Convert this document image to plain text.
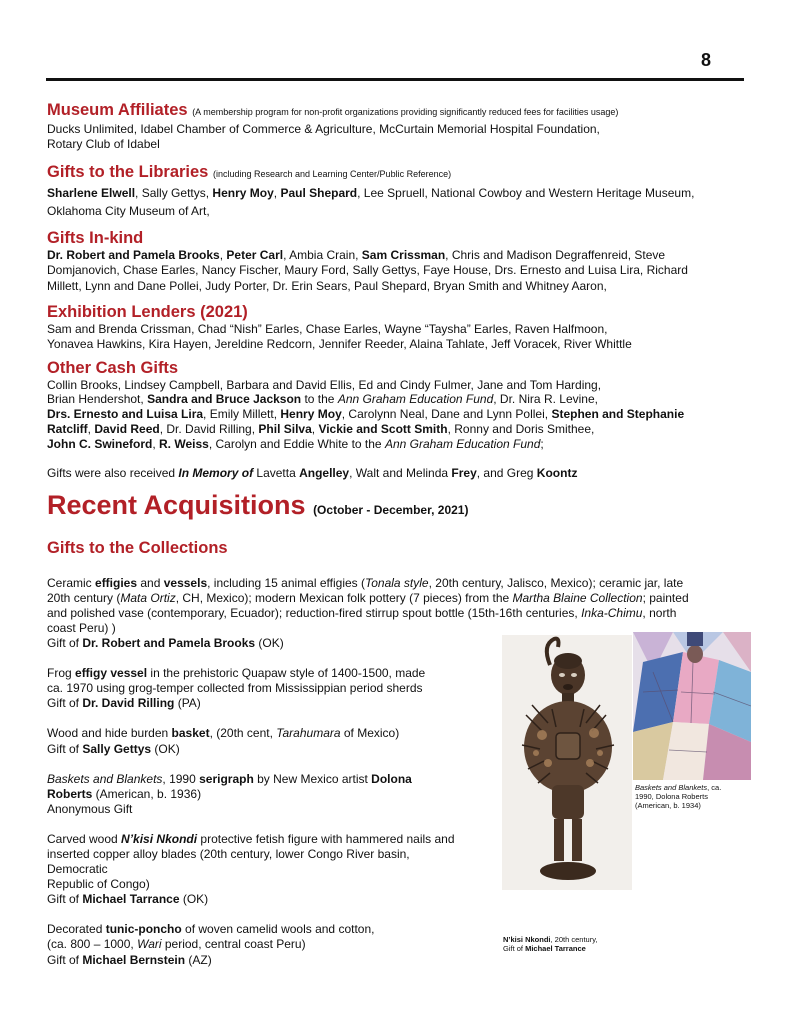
8
Museum Affiliates (A membership program for non-profit organizations providing significantly reduced fees for facilities usage)
Ducks Unlimited, Idabel Chamber of Commerce & Agriculture, McCurtain Memorial Hospital Foundation,
Rotary Club of Idabel
Gifts to the Libraries (including Research and Learning Center/Public Reference)
Sharlene Elwell, Sally Gettys, Henry Moy, Paul Shepard, Lee Spruell, National Cowboy and Western Heritage Museum,
Oklahoma City Museum of Art,
Gifts In-kind
Dr. Robert and Pamela Brooks, Peter Carl, Ambia Crain, Sam Crissman, Chris and Madison Degraffenreid, Steve
Domjanovich, Chase Earles, Nancy Fischer, Maury Ford, Sally Gettys, Faye House, Drs. Ernesto and Luisa Lira, Richard
Millett, Lynn and Dane Pollei, Judy Porter, Dr. Erin Sears, Paul Shepard, Bryan Smith and Whitney Aaron,
Exhibition Lenders (2021)
Sam and Brenda Crissman, Chad “Nish” Earles, Chase Earles, Wayne “Taysha” Earles, Raven Halfmoon,
Yonavea Hawkins, Kira Hayen, Jereldine Redcorn, Jennifer Reeder, Alaina Tahlate, Jeff Voracek, River Whittle
Other Cash Gifts
Collin Brooks, Lindsey Campbell, Barbara and David Ellis, Ed and Cindy Fulmer, Jane and Tom Harding,
Brian Hendershot, Sandra and Bruce Jackson to the Ann Graham Education Fund, Dr. Nira R. Levine,
Drs. Ernesto and Luisa Lira, Emily Millett, Henry Moy, Carolynn Neal, Dane and Lynn Pollei, Stephen and Stephanie
Ratcliff, David Reed, Dr. David Rilling, Phil Silva, Vickie and Scott Smith, Ronny and Doris Smithee,
John C. Swineford, R. Weiss, Carolyn and Eddie White to the Ann Graham Education Fund;
Gifts were also received In Memory of Lavetta Angelley, Walt and Melinda Frey, and Greg Koontz
Recent Acquisitions (October - December, 2021)
Gifts to the Collections
Ceramic effigies and vessels, including 15 animal effigies (Tonala style, 20th century, Jalisco, Mexico); ceramic jar, late
20th century (Mata Ortiz, CH, Mexico); modern Mexican folk pottery (7 pieces) from the Martha Blaine Collection; painted
and polished vase (contemporary, Ecuador); reduction-fired stirrup spout bottle (15th-16th centuries, Inka-Chimu, north
coast Peru) )
Gift of Dr. Robert and Pamela Brooks (OK)
Frog effigy vessel in the prehistoric Quapaw style of 1400-1500, made
ca. 1970 using grog-temper collected from Mississippian period sherds
Gift of Dr. David Rilling (PA)
Wood and hide burden basket, (20th cent, Tarahumara of Mexico)
Gift of Sally Gettys (OK)
Baskets and Blankets, 1990 serigraph by New Mexico artist Dolona
Roberts (American, b. 1936)
Anonymous Gift
Carved wood N’kisi Nkondi protective fetish figure with hammered nails and
inserted copper alloy blades (20th century, lower Congo River basin,
Democratic
Republic of Congo)
Gift of Michael Tarrance (OK)
Decorated tunic-poncho of woven camelid wools and cotton,
(ca. 800 – 1000, Wari period, central coast Peru)
Gift of Michael Bernstein (AZ)
N’kisi Nkondi, 20th century,
Gift of Michael Tarrance
Baskets and Blankets, ca.
1990, Dolona Roberts
(American, b. 1934)
